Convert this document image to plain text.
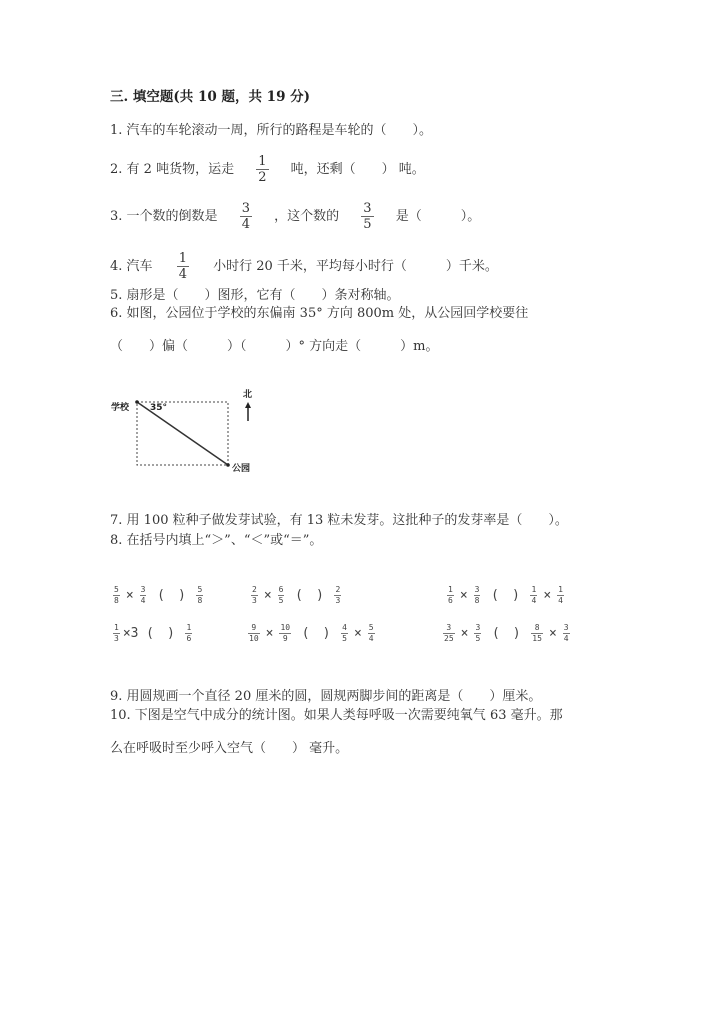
三. 填空题(共 10 题，共 19 分)
1. 汽车的车轮滚动一周，所行的路程是车轮的（　　）。
2. 有 2 吨货物，运走 $\frac{1}{2}$ 吨，还剩（　　） 吨。
3. 一个数的倒数是 $\frac{3}{4}$ ，这个数的 $\frac{3}{5}$ 是（　　　）。
4. 汽车 $\frac{1}{4}$ 小时行 20 千米，平均每小时行（　　　）千米。
5. 扇形是（　　）图形，它有（　　）条对称轴。
6. 如图，公园位于学校的东偏南 35° 方向 800m 处，从公园回学校要往
（　　）偏（　　　）（　　　）° 方向走（　　　）m。
学校 35°
北
公园
7. 用 100 粒种子做发芽试验，有 13 粒未发芽。这批种子的发芽率是（　　）。
8. 在括号内填上“＞”、“＜”或“＝”。
$\frac{5}{8} \times \frac{3}{4}$ (　) $\frac{5}{8}$	$\frac{2}{3} \times \frac{6}{5}$ (　) $\frac{2}{3}$	$\frac{1}{6} \times \frac{3}{8}$ (　) $\frac{1}{4} \times \frac{1}{4}$
$\frac{1}{3} \times 3$ (　) $\frac{1}{6}$	$\frac{9}{10} \times \frac{10}{9}$ (　) $\frac{4}{5} \times \frac{5}{4}$	$\frac{3}{25} \times \frac{3}{5}$ (　) $\frac{8}{15} \times \frac{3}{4}$
9. 用圆规画一个直径 20 厘米的圆，圆规两脚步间的距离是（　　）厘米。
10. 下图是空气中成分的统计图。如果人类每呼吸一次需要纯氧气 63 毫升。那
么在呼吸时至少呼入空气（　　） 毫升。
